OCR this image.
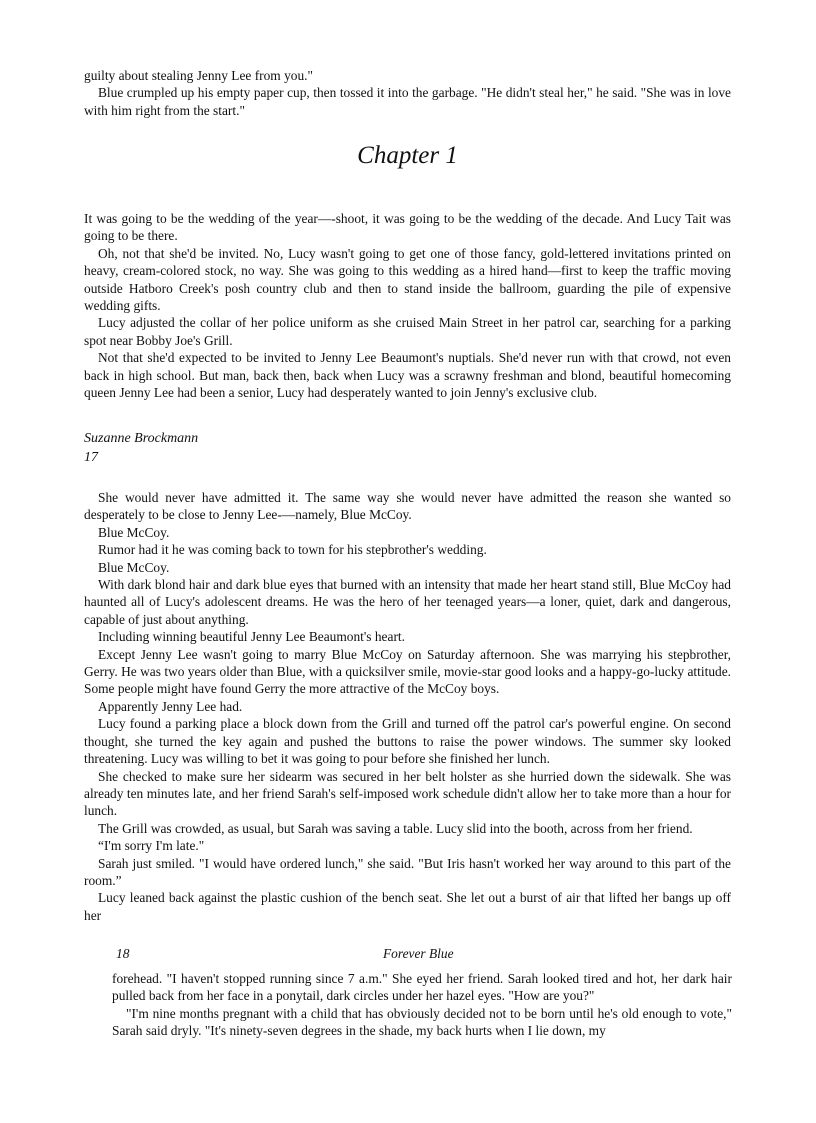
guilty about stealing Jenny Lee from you."

Blue crumpled up his empty paper cup, then tossed it into the garbage. "He didn't steal her," he said. "She was in love with him right from the start."

Chapter 1

It was going to be the wedding of the year—-shoot, it was going to be the wedding of the decade. And Lucy Tait was going to be there.

Oh, not that she'd be invited. No, Lucy wasn't going to get one of those fancy, gold-lettered invitations printed on heavy, cream-colored stock, no way. She was going to this wedding as a hired hand—first to keep the traffic moving outside Hatboro Creek's posh country club and then to stand inside the ballroom, guarding the pile of expensive wedding gifts.

Lucy adjusted the collar of her police uniform as she cruised Main Street in her patrol car, searching for a parking spot near Bobby Joe's Grill.

Not that she'd expected to be invited to Jenny Lee Beaumont's nuptials. She'd never run with that crowd, not even back in high school. But man, back then, back when Lucy was a scrawny freshman and blond, beautiful homecoming queen Jenny Lee had been a senior, Lucy had desperately wanted to join Jenny's exclusive club.

Suzanne Brockmann
17

She would never have admitted it. The same way she would never have admitted the reason she wanted so desperately to be close to Jenny Lee-—namely, Blue McCoy.

Blue McCoy.

Rumor had it he was coming back to town for his stepbrother's wedding.

Blue McCoy.

With dark blond hair and dark blue eyes that burned with an intensity that made her heart stand still, Blue McCoy had haunted all of Lucy's adolescent dreams. He was the hero of her teenaged years—a loner, quiet, dark and dangerous, capable of just about anything.

Including winning beautiful Jenny Lee Beaumont's heart.

Except Jenny Lee wasn't going to marry Blue McCoy on Saturday afternoon. She was marrying his stepbrother, Gerry. He was two years older than Blue, with a quicksilver smile, movie-star good looks and a happy-go-lucky attitude. Some people might have found Gerry the more attractive of the McCoy boys.

Apparently Jenny Lee had.

Lucy found a parking place a block down from the Grill and turned off the patrol car's powerful engine. On second thought, she turned the key again and pushed the buttons to raise the power windows. The summer sky looked threatening. Lucy was willing to bet it was going to pour before she finished her lunch.

She checked to make sure her sidearm was secured in her belt holster as she hurried down the sidewalk. She was already ten minutes late, and her friend Sarah's self-imposed work schedule didn't allow her to take more than a hour for lunch.

The Grill was crowded, as usual, but Sarah was saving a table. Lucy slid into the booth, across from her friend.

“I'm sorry I'm late."

Sarah just smiled. "I would have ordered lunch," she said. "But Iris hasn't worked her way around to this part of the room.”

Lucy leaned back against the plastic cushion of the bench seat. She let out a burst of air that lifted her bangs up off her

18	Forever Blue

forehead. "I haven't stopped running since 7 a.m." She eyed her friend. Sarah looked tired and hot, her dark hair pulled back from her face in a ponytail, dark circles under her hazel eyes. "How are you?"

"I'm nine months pregnant with a child that has obviously decided not to be born until he's old enough to vote," Sarah said dryly. "It's ninety-seven degrees in the shade, my back hurts when I lie down, my
